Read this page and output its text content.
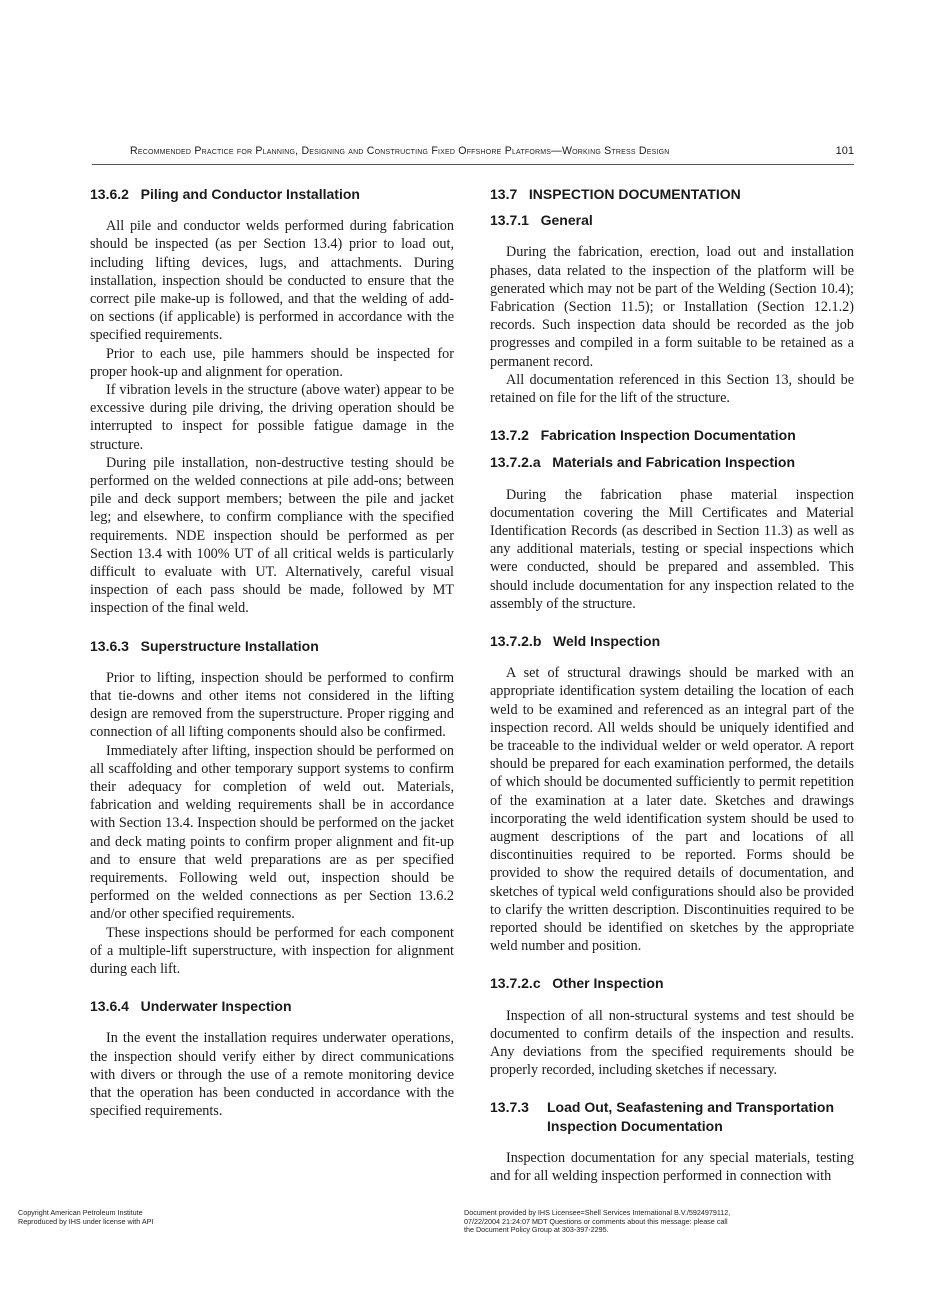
Recommended Practice for Planning, Designing and Constructing Fixed Offshore Platforms—Working Stress Design	101
13.6.2 Piling and Conductor Installation

All pile and conductor welds performed during fabrication should be inspected (as per Section 13.4) prior to load out, including lifting devices, lugs, and attachments. During installation, inspection should be conducted to ensure that the correct pile make-up is followed, and that the welding of add-on sections (if applicable) is performed in accordance with the specified requirements.

Prior to each use, pile hammers should be inspected for proper hook-up and alignment for operation.

If vibration levels in the structure (above water) appear to be excessive during pile driving, the driving operation should be interrupted to inspect for possible fatigue damage in the structure.

During pile installation, non-destructive testing should be performed on the welded connections at pile add-ons; between pile and deck support members; between the pile and jacket leg; and elsewhere, to confirm compliance with the specified requirements. NDE inspection should be performed as per Section 13.4 with 100% UT of all critical welds is particularly difficult to evaluate with UT. Alternatively, careful visual inspection of each pass should be made, followed by MT inspection of the final weld.

13.6.3 Superstructure Installation

Prior to lifting, inspection should be performed to confirm that tie-downs and other items not considered in the lifting design are removed from the superstructure. Proper rigging and connection of all lifting components should also be confirmed.

Immediately after lifting, inspection should be performed on all scaffolding and other temporary support systems to confirm their adequacy for completion of weld out. Materials, fabrication and welding requirements shall be in accordance with Section 13.4. Inspection should be performed on the jacket and deck mating points to confirm proper alignment and fit-up and to ensure that weld preparations are as per specified requirements. Following weld out, inspection should be performed on the welded connections as per Section 13.6.2 and/or other specified requirements.

These inspections should be performed for each component of a multiple-lift superstructure, with inspection for alignment during each lift.

13.6.4 Underwater Inspection

In the event the installation requires underwater operations, the inspection should verify either by direct communications with divers or through the use of a remote monitoring device that the operation has been conducted in accordance with the specified requirements.

13.7 INSPECTION DOCUMENTATION
13.7.1 General

During the fabrication, erection, load out and installation phases, data related to the inspection of the platform will be generated which may not be part of the Welding (Section 10.4); Fabrication (Section 11.5); or Installation (Section 12.1.2) records. Such inspection data should be recorded as the job progresses and compiled in a form suitable to be retained as a permanent record.

All documentation referenced in this Section 13, should be retained on file for the lift of the structure.

13.7.2 Fabrication Inspection Documentation
13.7.2.a Materials and Fabrication Inspection

During the fabrication phase material inspection documentation covering the Mill Certificates and Material Identification Records (as described in Section 11.3) as well as any additional materials, testing or special inspections which were conducted, should be prepared and assembled. This should include documentation for any inspection related to the assembly of the structure.

13.7.2.b Weld Inspection

A set of structural drawings should be marked with an appropriate identification system detailing the location of each weld to be examined and referenced as an integral part of the inspection record. All welds should be uniquely identified and be traceable to the individual welder or weld operator. A report should be prepared for each examination performed, the details of which should be documented sufficiently to permit repetition of the examination at a later date. Sketches and drawings incorporating the weld identification system should be used to augment descriptions of the part and locations of all discontinuities required to be reported. Forms should be provided to show the required details of documentation, and sketches of typical weld configurations should also be provided to clarify the written description. Discontinuities required to be reported should be identified on sketches by the appropriate weld number and position.

13.7.2.c Other Inspection

Inspection of all non-structural systems and test should be documented to confirm details of the inspection and results. Any deviations from the specified requirements should be properly recorded, including sketches if necessary.

13.7.3	Load Out, Seafastening and Transportation Inspection Documentation

Inspection documentation for any special materials, testing and for all welding inspection performed in connection with

Copyright American Petroleum Institute
Reproduced by IHS under license with API
Document provided by IHS Licensee=Shell Services International B.V./5924979112,
07/22/2004 21:24:07 MDT Questions or comments about this message: please call
the Document Policy Group at 303-397-2295.
